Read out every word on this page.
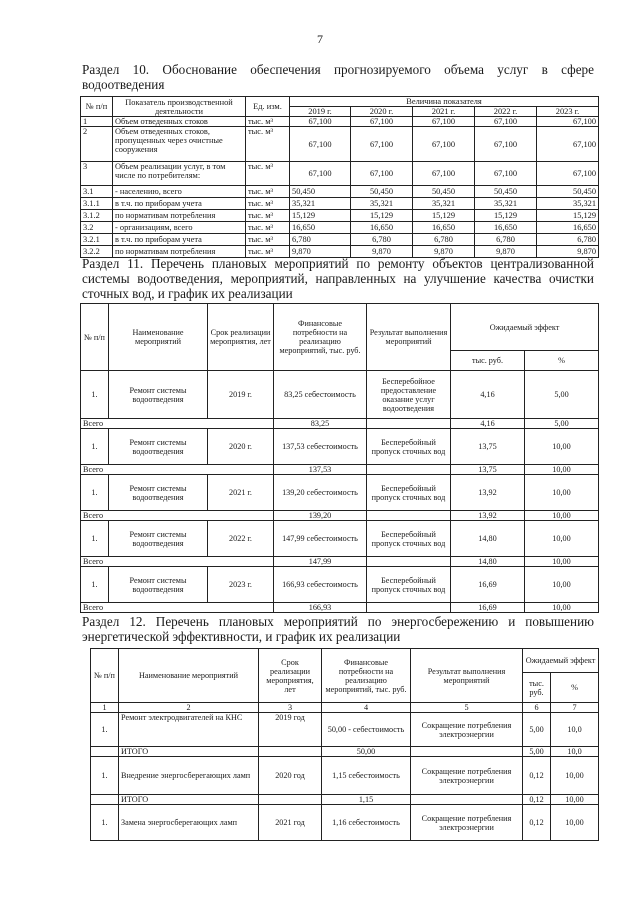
7
Раздел 10. Обоснование обеспечения прогнозируемого объема услуг в сфере водоотведения
№ п/п	Показатель производственной деятельности	Ед. изм.	Величина показателя				
			2019 г.	2020 г.	2021 г.	2022 г.	2023 г.
1	Объем отведенных стоков	тыс. м³	67,100	67,100	67,100	67,100	67,100
2	Объем отведенных стоков, пропущенных через очистные сооружения	тыс. м³	67,100	67,100	67,100	67,100	67,100
3	Объем реализации услуг, в том числе по потребителям:	тыс. м³	67,100	67,100	67,100	67,100	67,100
3.1	- населению, всего	тыс. м³	50,450	50,450	50,450	50,450	50,450
3.1.1	в т.ч. по приборам учета	тыс. м³	35,321	35,321	35,321	35,321	35,321
3.1.2	по нормативам потребления	тыс. м³	15,129	15,129	15,129	15,129	15,129
3.2	- организациям, всего	тыс. м³	16,650	16,650	16,650	16,650	16,650
3.2.1	в т.ч. по приборам учета	тыс. м³	6,780	6,780	6,780	6,780	6,780
3.2.2	по нормативам потребления	тыс. м³	9,870	9,870	9,870	9,870	9,870
Раздел 11. Перечень плановых мероприятий по ремонту объектов централизованной системы водоотведения, мероприятий, направленных на улучшение качества очистки сточных вод, и график их реализации
№ п/п	Наименование мероприятий	Срок реализации мероприятия, лет	Финансовые потребности на реализацию мероприятий, тыс. руб.	Результат выполнения мероприятий	Ожидаемый эффект	
					тыс. руб.	%
1.	Ремонт системы водоотведения	2019 г.	83,25 себестоимость	Бесперебойное предоставление оказание услуг водоотведения	4,16	5,00
Всего			83,25		4,16	5,00
1.	Ремонт системы водоотведения	2020 г.	137,53 себестоимость	Бесперебойный пропуск сточных вод	13,75	10,00
Всего			137,53		13,75	10,00
1.	Ремонт системы водоотведения	2021 г.	139,20 себестоимость	Бесперебойный пропуск сточных вод	13,92	10,00
Всего			139,20		13,92	10,00
1.	Ремонт системы водоотведения	2022 г.	147,99 себестоимость	Бесперебойный пропуск сточных вод	14,80	10,00
Всего			147,99		14,80	10,00
1.	Ремонт системы водоотведения	2023 г.	166,93 себестоимость	Бесперебойный пропуск сточных вод	16,69	10,00
Всего			166,93		16,69	10,00
Раздел 12. Перечень плановых мероприятий по энергосбережению и повышению энергетической эффективности, и график их реализации
№ п/п	Наименование мероприятий	Срок реализации мероприятия, лет	Финансовые потребности на реализацию мероприятий, тыс. руб.	Результат выполнения мероприятий	Ожидаемый эффект	
					тыс. руб.	%
1	2	3	4	5	6	7
1.	Ремонт электродвигателей на КНС	2019 год	50,00 - себестоимость	Сокращение потребления электроэнергии	5,00	10,0
	ИТОГО		50,00		5,00	10,0
1.	Внедрение энергосберегающих ламп	2020 год	1,15 себестоимость	Сокращение потребления электроэнергии	0,12	10,00
	ИТОГО		1,15		0,12	10,00
1.	Замена энергосберегающих ламп	2021 год	1,16 себестоимость	Сокращение потребления электроэнергии	0,12	10,00
